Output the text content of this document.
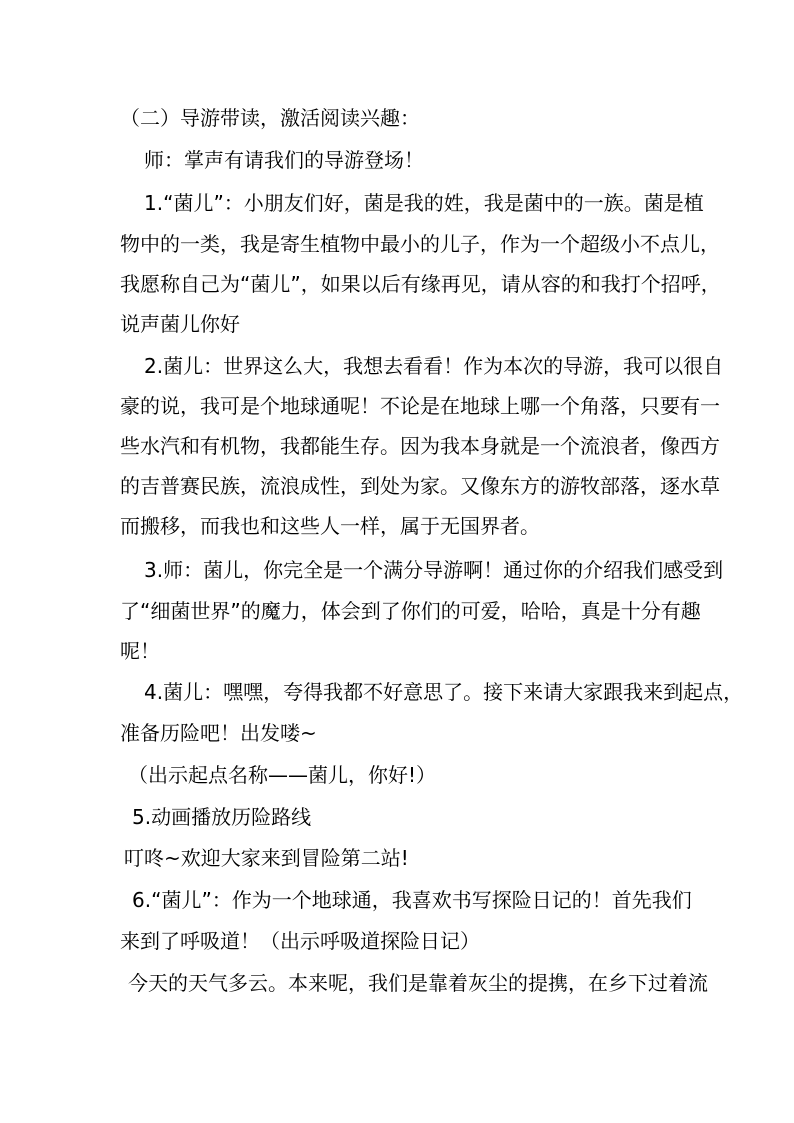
（二）导游带读，激活阅读兴趣：

师：掌声有请我们的导游登场！

1.“菌儿”：小朋友们好，菌是我的姓，我是菌中的一族。菌是植

物中的一类，我是寄生植物中最小的儿子，作为一个超级小不点儿，
我愿称自己为“菌儿”，如果以后有缘再见，请从容的和我打个招呼，
说声菌儿你好

2.菌儿：世界这么大，我想去看看！作为本次的导游，我可以很自

豪的说，我可是个地球通呢！不论是在地球上哪一个角落，只要有一
些水汽和有机物，我都能生存。因为我本身就是一个流浪者，像西方
的吉普赛民族，流浪成性，到处为家。又像东方的游牧部落，逐水草
而搬移，而我也和这些人一样，属于无国界者。

3.师：菌儿，你完全是一个满分导游啊！通过你的介绍我们感受到

了“细菌世界”的魔力，体会到了你们的可爱，哈哈，真是十分有趣
呢！

4.菌儿：嘿嘿，夸得我都不好意思了。接下来请大家跟我来到起点，

准备历险吧！出发喽~

（出示起点名称——菌儿，你好!）

5.动画播放历险路线

叮咚~欢迎大家来到冒险第二站!

6.“菌儿”：作为一个地球通，我喜欢书写探险日记的！首先我们

来到了呼吸道！（出示呼吸道探险日记）

今天的天气多云。本来呢，我们是靠着灰尘的提携，在乡下过着流
